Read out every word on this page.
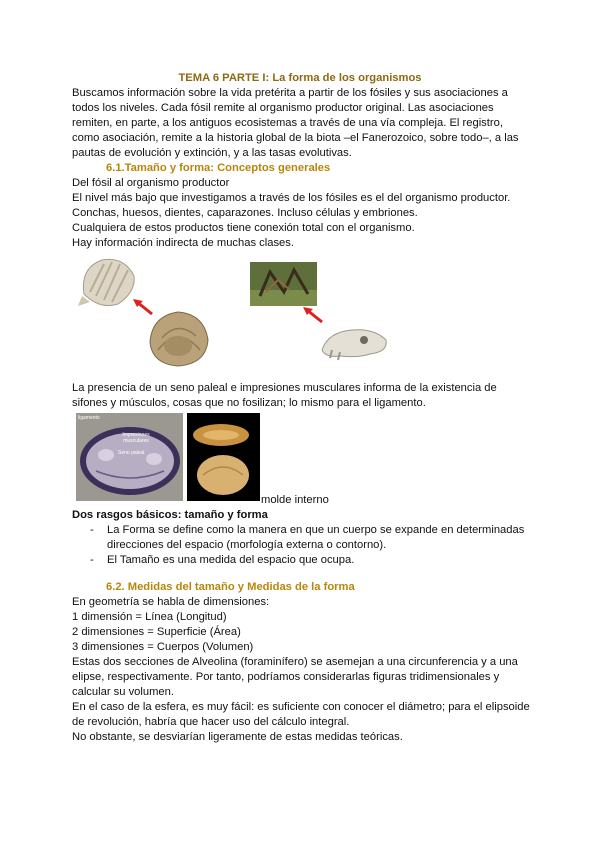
TEMA 6 PARTE I: La forma de los organismos
Buscamos información sobre la vida pretérita a partir de los fósiles y sus asociaciones a
todos los niveles. Cada fósil remite al organismo productor original. Las asociaciones
remiten, en parte, a los antiguos ecosistemas a través de una vía compleja. El registro,
como asociación, remite a la historia global de la biota –el Fanerozoico, sobre todo–, a las
pautas de evolución y extinción, y a las tasas evolutivas.
6.1.Tamaño y forma: Conceptos generales
Del fósil al organismo productor
El nivel más bajo que investigamos a través de los fósiles es el del organismo productor.
Conchas, huesos, dientes, caparazones. Incluso células y embriones.
Cualquiera de estos productos tiene conexión total con el organismo.
Hay información indirecta de muchas clases.
La presencia de un seno paleal e impresiones musculares informa de la existencia de
sifones y músculos, cosas que no fosilizan; lo mismo para el ligamento.
ligamento
Impresiones musculares
Seno paleal
molde interno
Dos rasgos básicos: tamaño y forma
- La Forma se define como la manera en que un cuerpo se expande en determinadas
direcciones del espacio (morfología externa o contorno).
- El Tamaño es una medida del espacio que ocupa.
6.2. Medidas del tamaño y Medidas de la forma
En geometría se habla de dimensiones:
1 dimensión = Línea (Longitud)
2 dimensiones = Superficie (Área)
3 dimensiones = Cuerpos (Volumen)
Estas dos secciones de Alveolina (foraminífero) se asemejan a una circunferencia y a una
elipse, respectivamente. Por tanto, podríamos considerarlas figuras tridimensionales y
calcular su volumen.
En el caso de la esfera, es muy fácil: es suficiente con conocer el diámetro; para el elipsoide
de revolución, habría que hacer uso del cálculo integral.
No obstante, se desviarían ligeramente de estas medidas teóricas.
